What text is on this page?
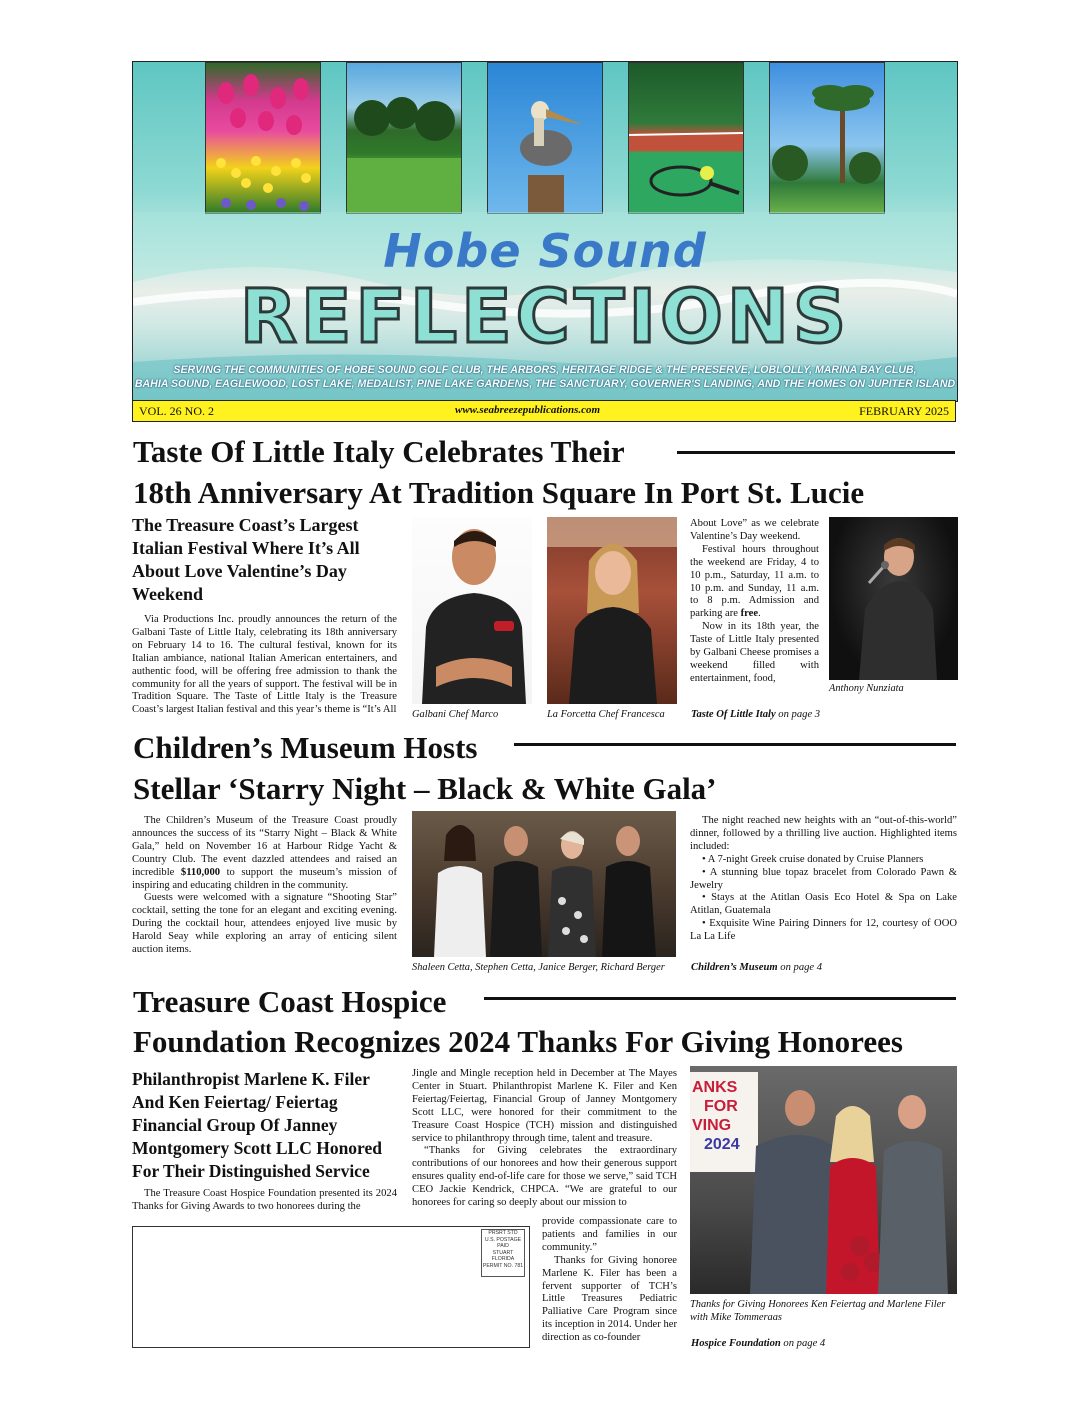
Hobe Sound
REFLECTIONS
SERVING THE COMMUNITIES OF HOBE SOUND GOLF CLUB, THE ARBORS, HERITAGE RIDGE & THE PRESERVE, LOBLOLLY, MARINA BAY CLUB,
BAHIA SOUND, EAGLEWOOD, LOST LAKE, MEDALIST, PINE LAKE GARDENS, THE SANCTUARY, GOVERNER'S LANDING, AND THE HOMES ON JUPITER ISLAND
VOL. 26 NO. 2	www.seabreezepublications.com	FEBRUARY 2025
Taste Of Little Italy Celebrates Their
18th Anniversary At Tradition Square In Port St. Lucie
The Treasure Coast’s Largest Italian Festival Where It’s All About Love Valentine’s Day Weekend

Via Productions Inc. proudly announces the return of the Galbani Taste of Little Italy, celebrating its 18th anniversary on February 14 to 16. The cultural festival, known for its Italian ambiance, national Italian American entertainers, and authentic food, will be offering free admission to thank the community for all the years of support. The festival will be in Tradition Square. The Taste of Little Italy is the Treasure Coast’s largest Italian festival and this year’s theme is “It’s All Galbani Chef Marco	La Forcetta Chef Francesca

About Love” as we celebrate Valentine’s Day weekend.

Festival hours throughout the weekend are Friday, 4 to 10 p.m., Saturday, 11 a.m. to 10 p.m. and Sunday, 11 a.m. to 8 p.m. Admission and parking are free.

Now in its 18th year, the Taste of Little Italy presented by Galbani Cheese promises a weekend filled with entertainment, food,

Anthony Nunziata
Taste Of Little Italy on page 3
Children’s Museum Hosts
Stellar ‘Starry Night – Black & White Gala’

The Children’s Museum of the Treasure Coast proudly announces the success of its “Starry Night – Black & White Gala,” held on November 16 at Harbour Ridge Yacht & Country Club. The event dazzled attendees and raised an incredible $110,000 to support the museum’s mission of inspiring and educating children in the community.

Guests were welcomed with a signature “Shooting Star” cocktail, setting the tone for an elegant and exciting evening. During the cocktail hour, attendees enjoyed live music by Harold Seay while exploring an array of enticing silent auction items.

Shaleen Cetta, Stephen Cetta, Janice Berger, Richard Berger

The night reached new heights with an “out-of-this-world” dinner, followed by a thrilling live auction. Highlighted items included:

• A 7-night Greek cruise donated by Cruise Planners

• A stunning blue topaz bracelet from Colorado Pawn & Jewelry

• Stays at the Atitlan Oasis Eco Hotel & Spa on Lake Atitlan, Guatemala

• Exquisite Wine Pairing Dinners for 12, courtesy of OOO La La Life

Children’s Museum on page 4
Treasure Coast Hospice
Foundation Recognizes 2024 Thanks For Giving Honorees
Philanthropist Marlene K. Filer And Ken Feiertag/ Feiertag Financial Group Of Janney Montgomery Scott LLC Honored For Their Distinguished Service

The Treasure Coast Hospice Foundation presented its 2024 Thanks for Giving Awards to two honorees during the

Jingle and Mingle reception held in December at The Mayes Center in Stuart. Philanthropist Marlene K. Filer and Ken Feiertag/Feiertag, Financial Group of Janney Montgomery Scott LLC, were honored for their commitment to the Treasure Coast Hospice (TCH) mission and distinguished service to philanthropy through time, talent and treasure.

“Thanks for Giving celebrates the extraordinary contributions of our honorees and how their generous support ensures quality end-of-life care for those we serve,” said TCH CEO Jackie Kendrick, CHPCA. “We are grateful to our honorees for caring so deeply about our mission to

provide compassionate care to patients and families in our community.”

Thanks for Giving honoree Marlene K. Filer has been a fervent supporter of TCH’s Little Treasures Pediatric Palliative Care Program since its inception in 2014. Under her direction as co-founder

ANKS
FOR
VING
2024
Thanks for Giving Honorees Ken Feiertag and Marlene Filer with Mike Tommeraas
Hospice Foundation on page 4
PRSRT STD
U.S. POSTAGE
PAID
STUART
FLORIDA
PERMIT NO. 781
